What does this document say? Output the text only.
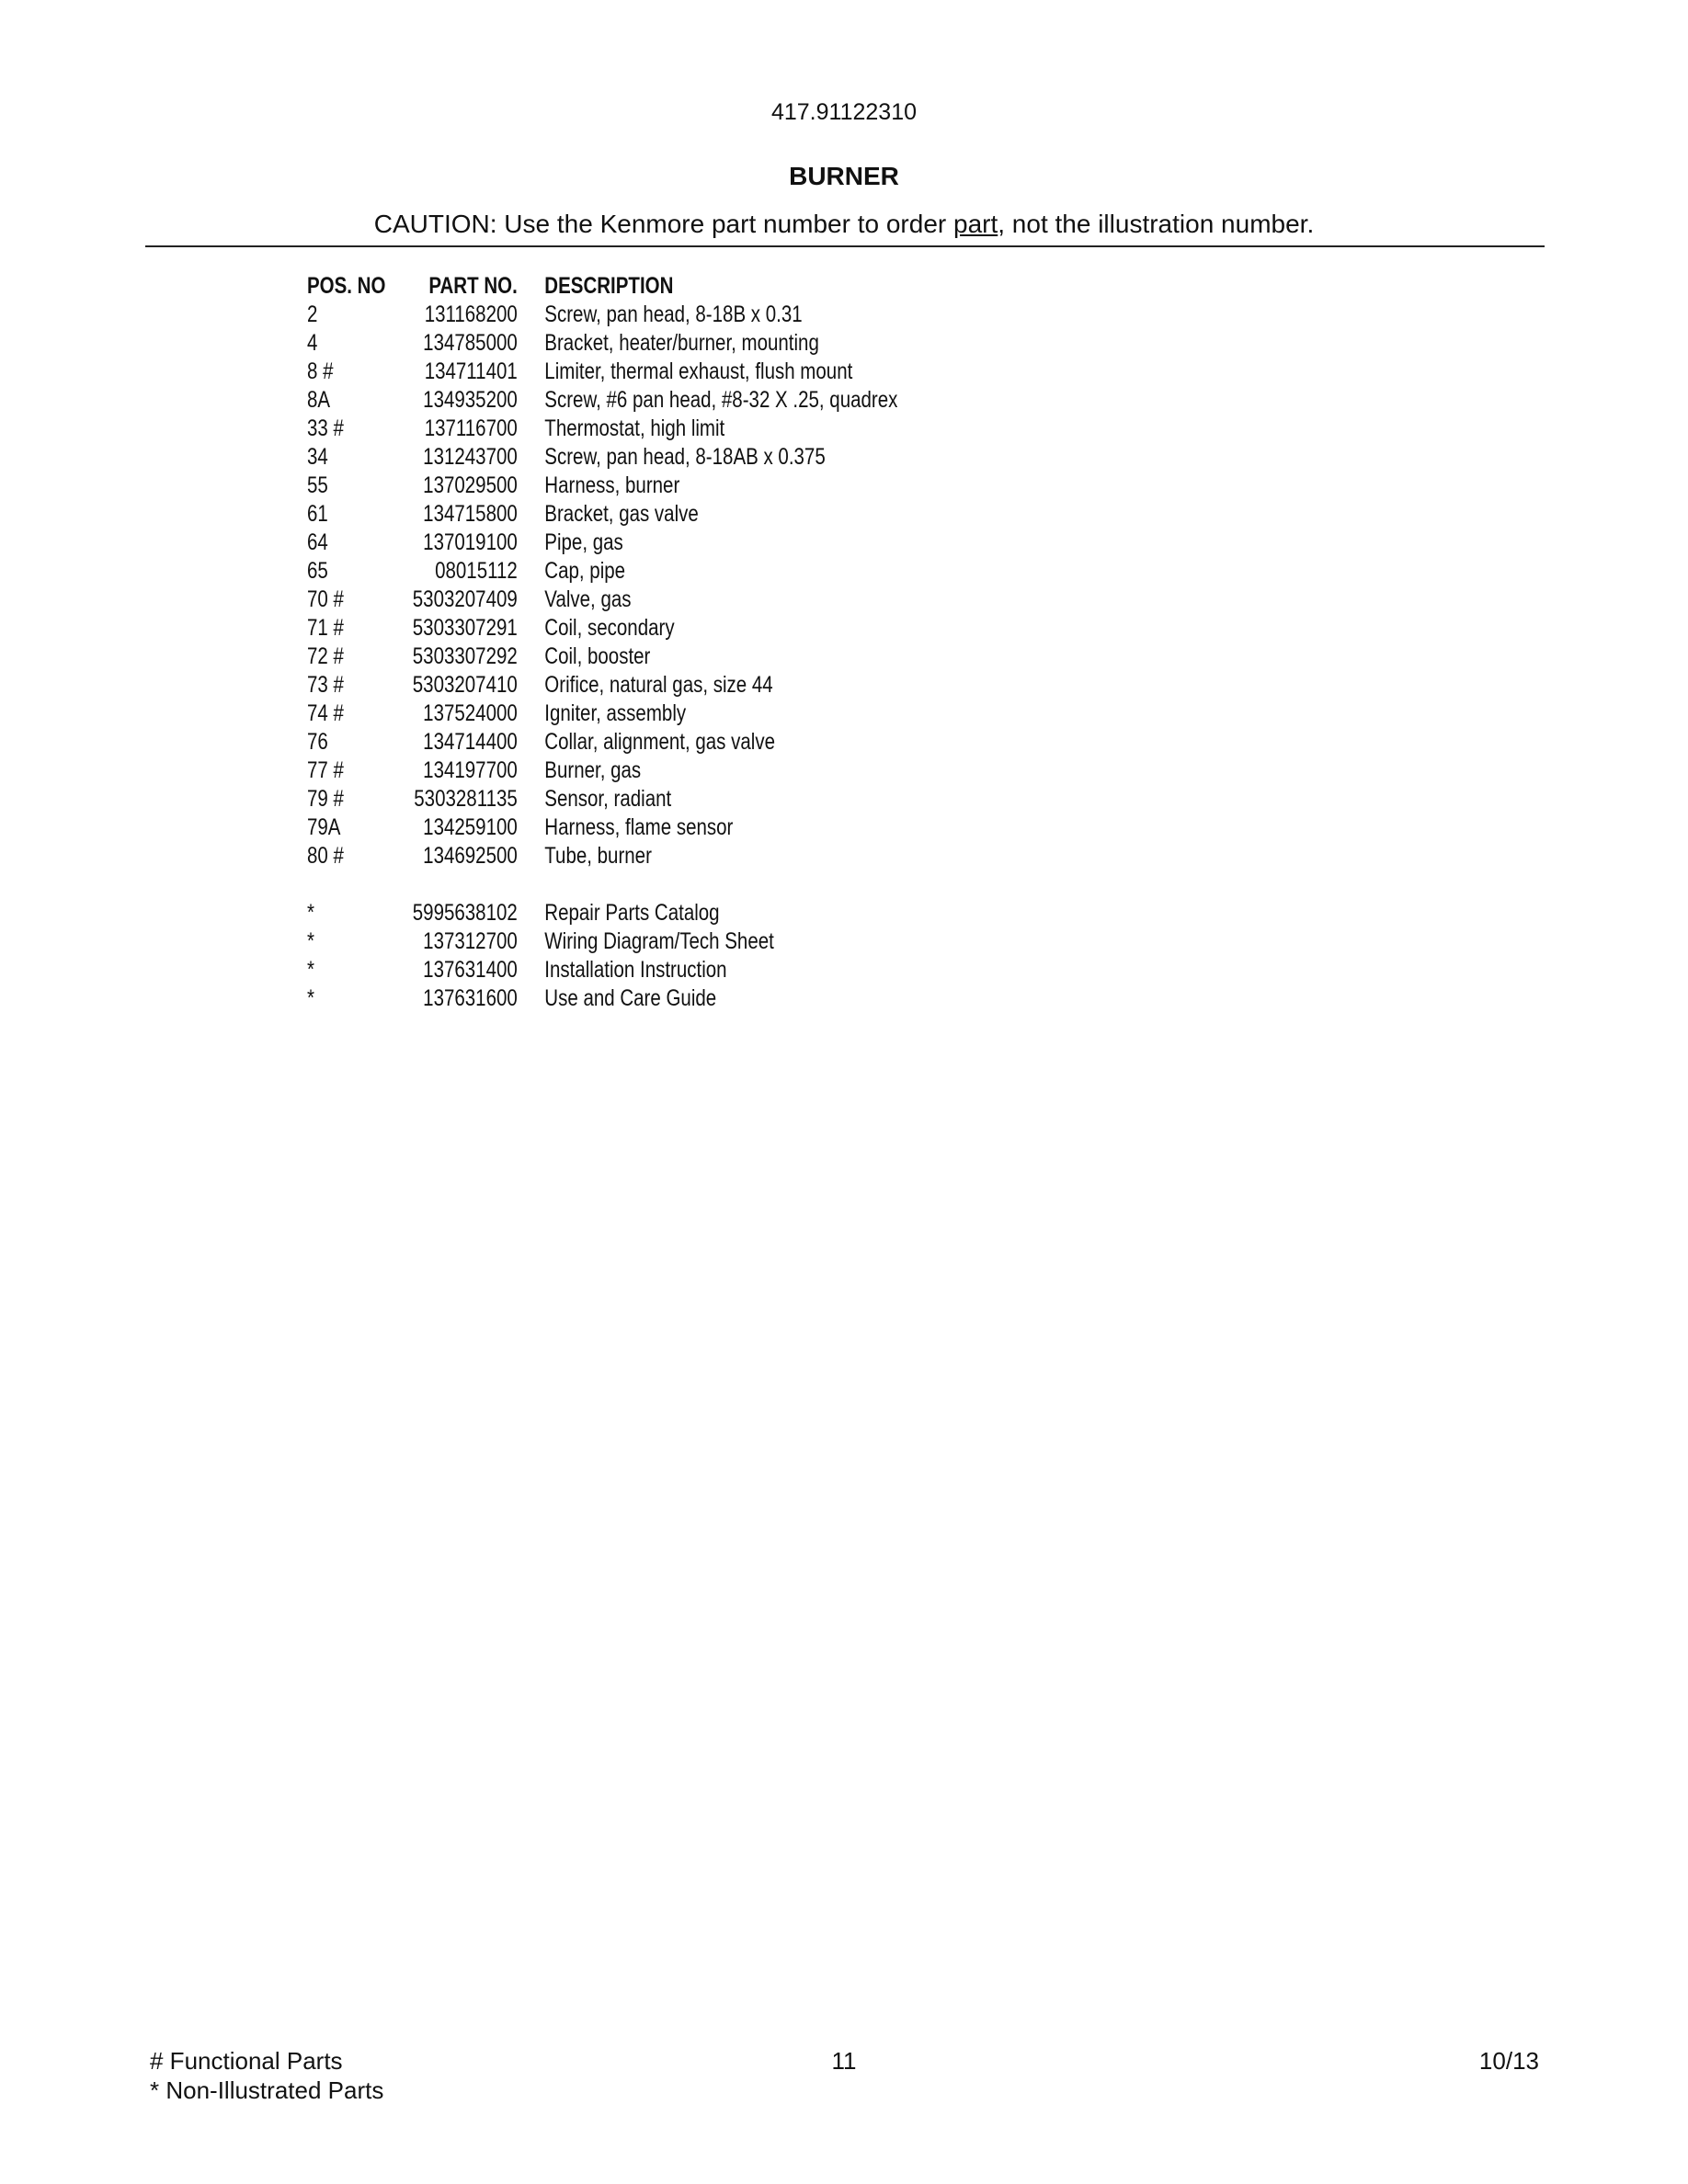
417.91122310
BURNER
CAUTION: Use the Kenmore part number to order part, not the illustration number.
POS. NO	PART NO.	DESCRIPTION
2	131168200	Screw, pan head, 8-18B x 0.31
4	134785000	Bracket, heater/burner, mounting
8 #	134711401	Limiter, thermal exhaust, flush mount
8A	134935200	Screw, #6 pan head, #8-32 X .25, quadrex
33 #	137116700	Thermostat, high limit
34	131243700	Screw, pan head, 8-18AB x 0.375
55	137029500	Harness, burner
61	134715800	Bracket, gas valve
64	137019100	Pipe, gas
65	08015112	Cap, pipe
70 #	5303207409	Valve, gas
71 #	5303307291	Coil, secondary
72 #	5303307292	Coil, booster
73 #	5303207410	Orifice, natural gas, size 44
74 #	137524000	Igniter, assembly
76	134714400	Collar, alignment, gas valve
77 #	134197700	Burner, gas
79 #	5303281135	Sensor, radiant
79A	134259100	Harness, flame sensor
80 #	134692500	Tube, burner
*	5995638102	Repair Parts Catalog
*	137312700	Wiring Diagram/Tech Sheet
*	137631400	Installation Instruction
*	137631600	Use and Care Guide
# Functional Parts
* Non-Illustrated Parts
11	10/13
